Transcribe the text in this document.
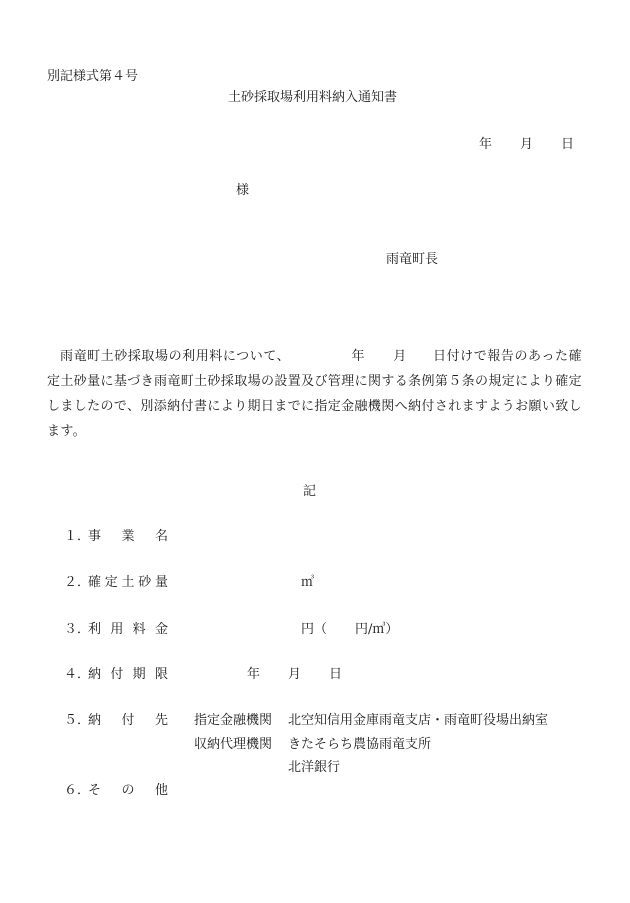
別記様式第４号
土砂採取場利用料納入通知書
年 月 日
様
雨竜町長
雨竜町土砂採取場の利用料について、	年 月 日付けで報告のあった確定土砂量に基づき雨竜町土砂採取場の設置及び管理に関する条例第５条の規定により確定しましたので、別添納付書により期日までに指定金融機関へ納付されますようお願い致します。
記
１．
事 業 名
２．
確 定 土 砂 量
３．
利 用 料 金
４．
納 付 期 限
５．
納 付 先
６．
そ の 他
㎥
円（ 円/㎥）
年 月 日
指定金融機関 北空知信用金庫雨竜支店・雨竜町役場出納室
収納代理機関 きたそらち農協雨竜支所
北洋銀行
